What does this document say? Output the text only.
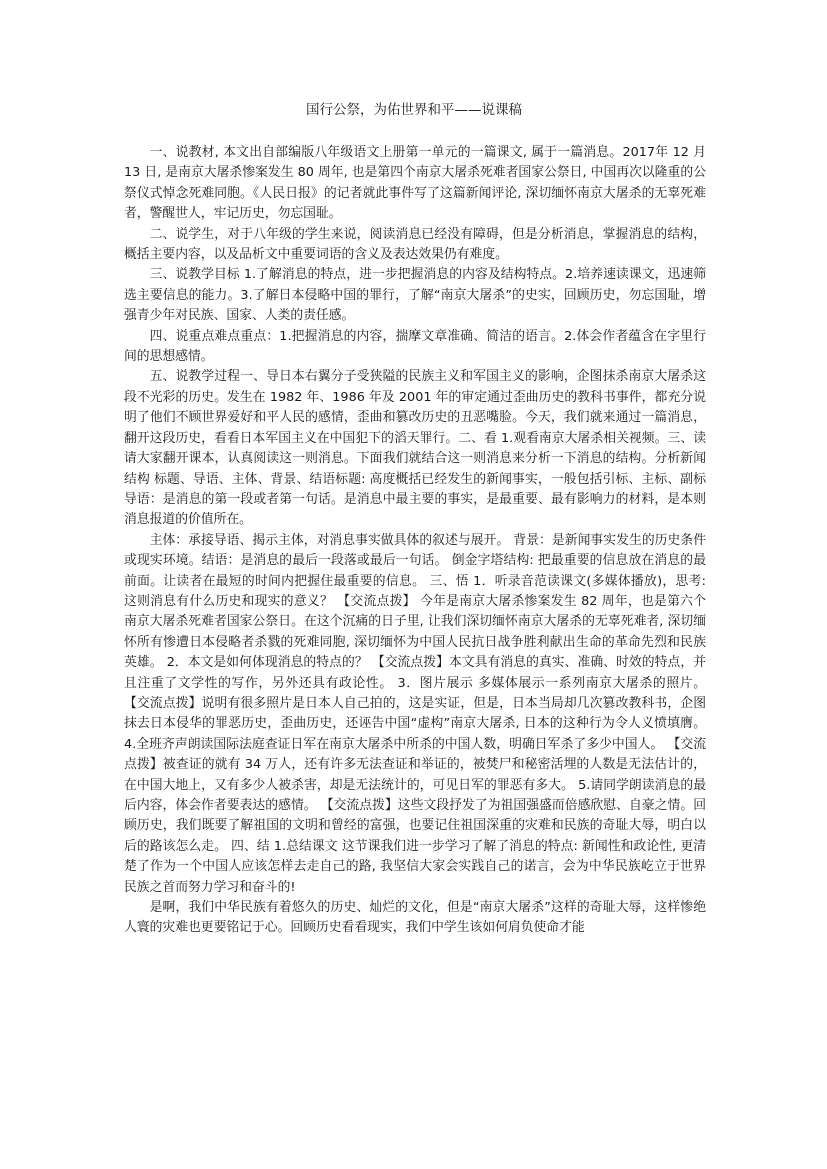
国行公祭，为佑世界和平——说课稿

一、说教材, 本文出自部编版八年级语文上册第一单元的一篇课文, 属于一篇消息。2017年 12 月 13 日, 是南京大屠杀惨案发生 80 周年, 也是第四个南京大屠杀死难者国家公祭日, 中国再次以隆重的公祭仪式悼念死难同胞。《人民日报》的记者就此事件写了这篇新闻评论, 深切缅怀南京大屠杀的无辜死难者，警醒世人，牢记历史，勿忘国耻。

二、说学生，对于八年级的学生来说，阅读消息已经没有障碍，但是分析消息，掌握消息的结构，概括主要内容，以及品析文中重要词语的含义及表达效果仍有难度。

三、说教学目标 1.了解消息的特点，进一步把握消息的内容及结构特点。2.培养速读课文，迅速筛选主要信息的能力。3.了解日本侵略中国的罪行，了解“南京大屠杀”的史实，回顾历史，勿忘国耻，增强青少年对民族、国家、人类的责任感。

四、说重点难点重点：1.把握消息的内容，揣摩文章准确、简洁的语言。2.体会作者蕴含在字里行间的思想感情。

五、说教学过程一、导日本右翼分子受狭隘的民族主义和军国主义的影响，企图抹杀南京大屠杀这段不光彩的历史。发生在 1982 年、1986 年及 2001 年的审定通过歪曲历史的教科书事件，都充分说明了他们不顾世界爱好和平人民的感情，歪曲和篡改历史的丑恶嘴脸。今天，我们就来通过一篇消息，翻开这段历史，看看日本军国主义在中国犯下的滔天罪行。二、看 1.观看南京大屠杀相关视频。三、读请大家翻开课本，认真阅读这一则消息。下面我们就结合这一则消息来分析一下消息的结构。分析新闻结构 标题、导语、主体、背景、结语标题: 高度概括已经发生的新闻事实，一般包括引标、主标、副标导语：是消息的第一段或者第一句话。是消息中最主要的事实，是最重要、最有影响力的材料，是本则消息报道的价值所在。

主体：承接导语、揭示主体，对消息事实做具体的叙述与展开。 背景：是新闻事实发生的历史条件或现实环境。结语：是消息的最后一段落或最后一句话。 倒金字塔结构: 把最重要的信息放在消息的最前面。让读者在最短的时间内把握住最重要的信息。 三、悟 1．听录音范读课文(多媒体播放)，思考: 这则消息有什么历史和现实的意义？ 【交流点拨】 今年是南京大屠杀惨案发生 82 周年，也是第六个南京大屠杀死难者国家公祭日。在这个沉痛的日子里, 让我们深切缅怀南京大屠杀的无辜死难者, 深切缅怀所有惨遭日本侵略者杀戮的死难同胞, 深切缅怀为中国人民抗日战争胜利献出生命的革命先烈和民族英雄。 2．本文是如何体现消息的特点的？ 【交流点拨】本文具有消息的真实、准确、时效的特点，并且注重了文学性的写作，另外还具有政论性。 3．图片展示 多媒体展示一系列南京大屠杀的照片。 【交流点拨】说明有很多照片是日本人自己拍的，这是实证，但是，日本当局却几次篡改教科书，企图抹去日本侵华的罪恶历史，歪曲历史，还诬告中国“虚构”南京大屠杀, 日本的这种行为令人义愤填膺。 4.全班齐声朗读国际法庭查证日军在南京大屠杀中所杀的中国人数，明确日军杀了多少中国人。 【交流点拨】被查证的就有 34 万人，还有许多无法查证和举证的，被焚尸和秘密活埋的人数是无法估计的，在中国大地上，又有多少人被杀害，却是无法统计的，可见日军的罪恶有多大。 5.请同学朗读消息的最后内容，体会作者要表达的感情。 【交流点拨】这些文段抒发了为祖国强盛而倍感欣慰、自豪之情。回顾历史，我们既要了解祖国的文明和曾经的富强，也要记住祖国深重的灾难和民族的奇耻大辱，明白以后的路该怎么走。 四、结 1.总结课文 这节课我们进一步学习了解了消息的特点: 新闻性和政论性, 更清楚了作为一个中国人应该怎样去走自己的路, 我坚信大家会实践自己的诺言，会为中华民族屹立于世界民族之首而努力学习和奋斗的!

是啊，我们中华民族有着悠久的历史、灿烂的文化，但是“南京大屠杀”这样的奇耻大辱，这样惨绝人寰的灾难也更要铭记于心。回顾历史看看现实，我们中学生该如何肩负使命才能
